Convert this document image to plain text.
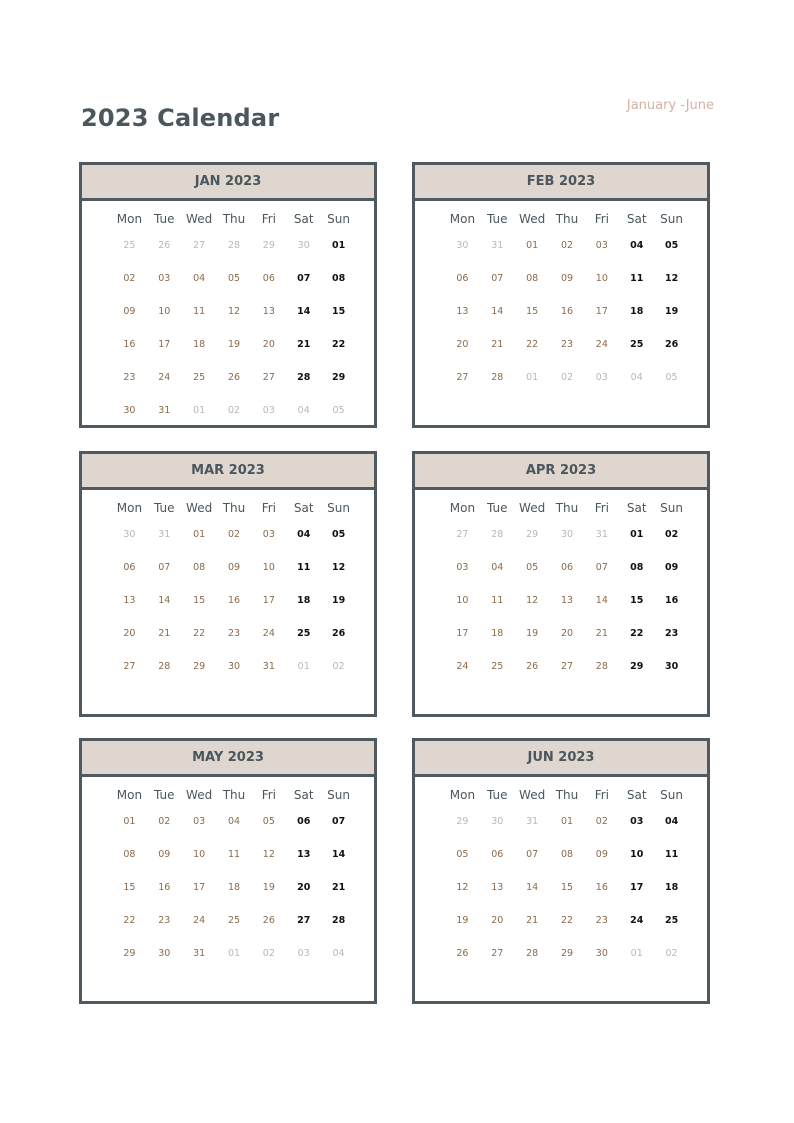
2023 Calendar	January -June
JAN 2023
Mon Tue Wed Thu	Fri	Sat	Sun
25	26	27	28	29	30	01
02	03	04	05	06	07	08
09	10	11	12	13	14	15
16	17	18	19	20	21	22
23	24	25	26	27	28	29
30	31	01	02	03	04	05
FEB 2023
Mon Tue Wed Thu	Fri	Sat	Sun
30	31	01	02	03	04	05
06	07	08	09	10	11	12
13	14	15	16	17	18	19
20	21	22	23	24	25	26
27	28	01	02	03	04	05
MAR 2023
Mon Tue Wed Thu	Fri	Sat	Sun
30	31	01	02	03	04	05
06	07	08	09	10	11	12
13	14	15	16	17	18	19
20	21	22	23	24	25	26
27	28	29	30	31	01	02
APR 2023
Mon Tue Wed Thu	Fri	Sat	Sun
27	28	29	30	31	01	02
03	04	05	06	07	08	09
10	11	12	13	14	15	16
17	18	19	20	21	22	23
24	25	26	27	28	29	30
MAY 2023
Mon Tue Wed Thu	Fri	Sat	Sun
01	02	03	04	05	06	07
08	09	10	11	12	13	14
15	16	17	18	19	20	21
22	23	24	25	26	27	28
29	30	31	01	02	03	04
JUN 2023
Mon Tue Wed Thu	Fri	Sat	Sun
29	30	31	01	02	03	04
05	06	07	08	09	10	11
12	13	14	15	16	17	18
19	20	21	22	23	24	25
26	27	28	29	30	01	02
